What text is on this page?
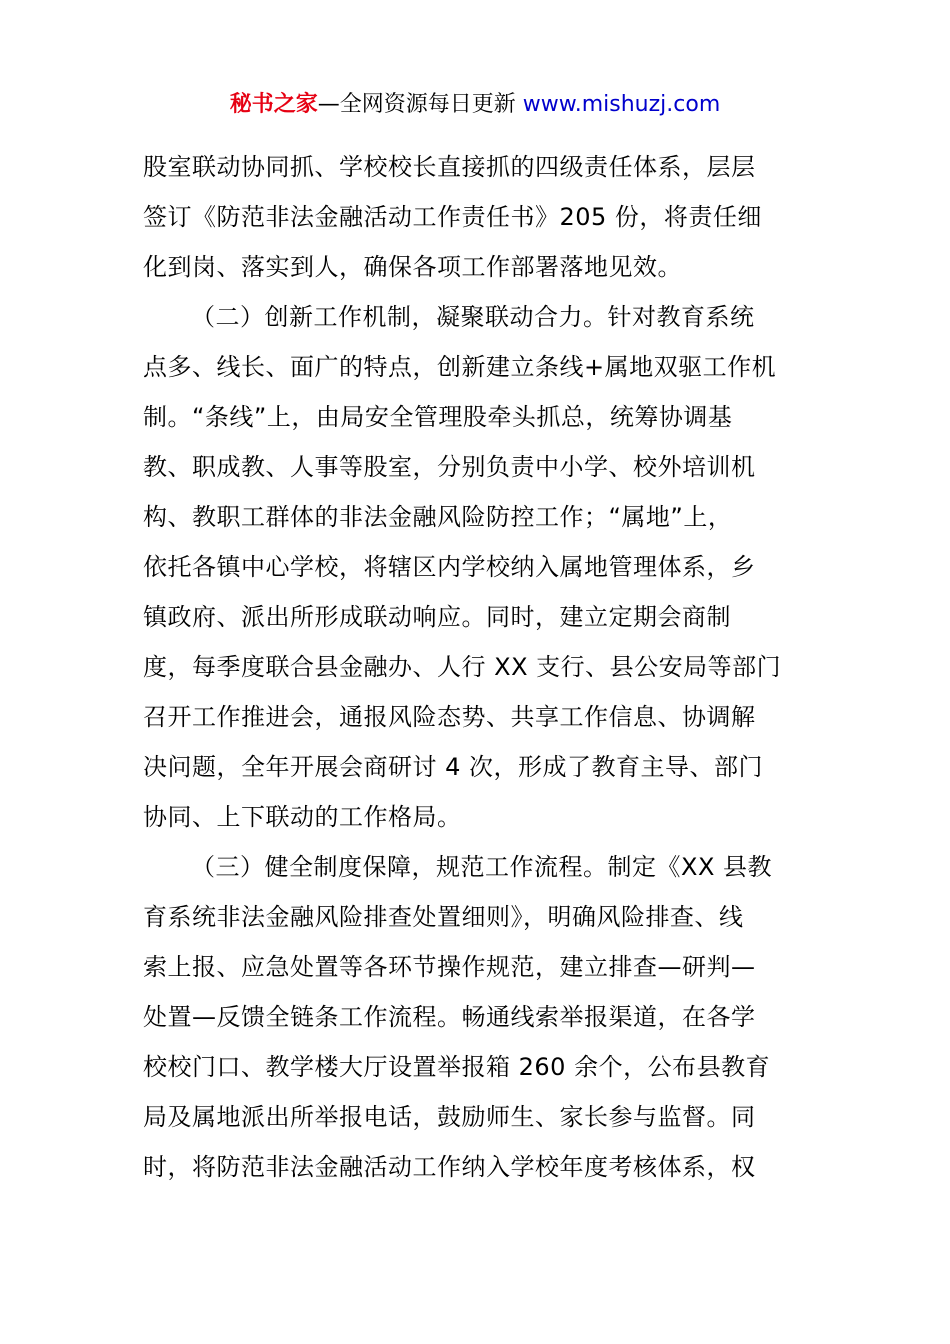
秘书之家—全网资源每日更新 www.mishuzj.com
股室联动协同抓、学校校长直接抓的四级责任体系，层层
签订《防范非法金融活动工作责任书》205 份，将责任细
化到岗、落实到人，确保各项工作部署落地见效。
（二）创新工作机制，凝聚联动合力。针对教育系统
点多、线长、面广的特点，创新建立条线+属地双驱工作机
制。“条线”上，由局安全管理股牵头抓总，统筹协调基
教、职成教、人事等股室，分别负责中小学、校外培训机
构、教职工群体的非法金融风险防控工作；“属地”上，
依托各镇中心学校，将辖区内学校纳入属地管理体系，乡
镇政府、派出所形成联动响应。同时，建立定期会商制
度，每季度联合县金融办、人行 XX 支行、县公安局等部门
召开工作推进会，通报风险态势、共享工作信息、协调解
决问题，全年开展会商研讨 4 次，形成了教育主导、部门
协同、上下联动的工作格局。
（三）健全制度保障，规范工作流程。制定《XX 县教
育系统非法金融风险排查处置细则》，明确风险排查、线
索上报、应急处置等各环节操作规范，建立排查—研判—
处置—反馈全链条工作流程。畅通线索举报渠道，在各学
校校门口、教学楼大厅设置举报箱 260 余个，公布县教育
局及属地派出所举报电话，鼓励师生、家长参与监督。同
时，将防范非法金融活动工作纳入学校年度考核体系，权
